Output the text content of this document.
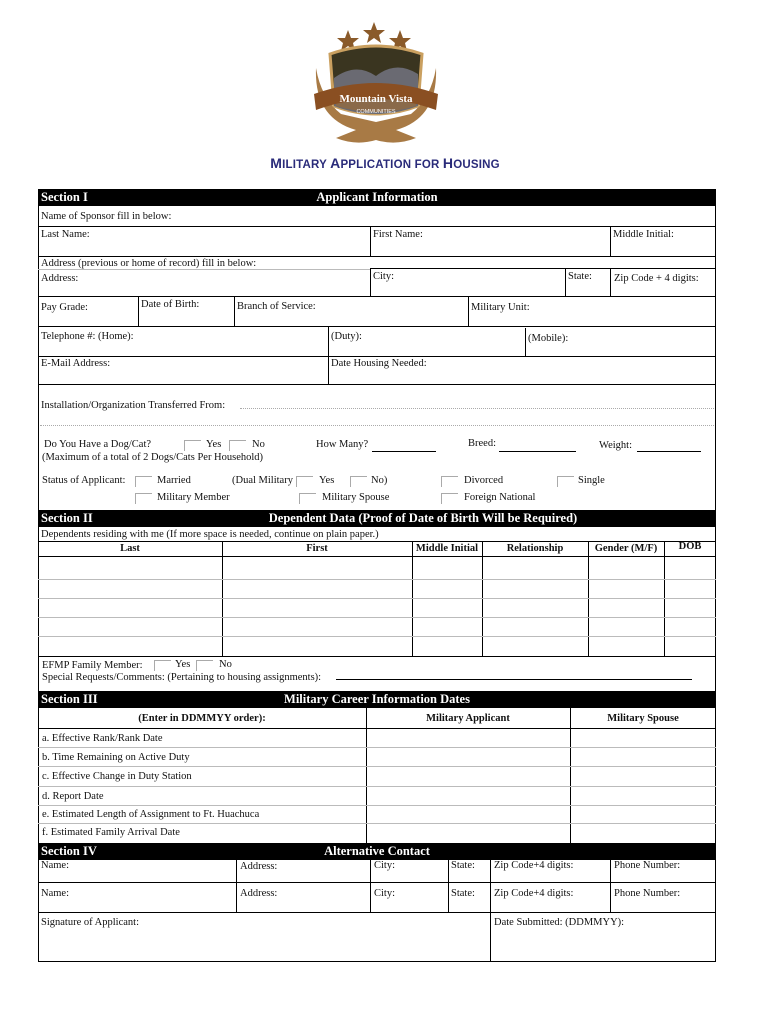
Mountain Vista
COMMUNITIES
MILITARY APPLICATION FOR HOUSING
Section I	Applicant Information
Name of Sponsor fill in below:
Last Name:	First Name:	Middle Initial:
Address (previous or home of record) fill in below:
Address:	City:	State: Zip Code + 4 digits:
Pay Grade:	Date of Birth:	Branch of Service:	Military Unit:
Telephone #: (Home):	(Duty):	(Mobile):
E-Mail Address:	Date Housing Needed:
Installation/Organization Transferred From:
Do You Have a Dog/Cat?	Yes	No	How Many?	Breed:	Weight:
(Maximum of a total of 2 Dogs/Cats Per Household)
Status of Applicant:	Married	(Dual Military Yes	No)	Divorced	Single
Military Member	Military Spouse	Foreign National
Section II	Dependent Data (Proof of Date of Birth Will be Required)
Dependents residing with me (If more space is needed, continue on plain paper.)
Last	First	Middle Initial	Relationship	Gender (M/F)	DOB
EFMP Family Member:	Yes	No
Special Requests/Comments: (Pertaining to housing assignments):
Section III	Military Career Information Dates
(Enter in DDMMYY order):	Military Applicant	Military Spouse
a. Effective Rank/Rank Date
b. Time Remaining on Active Duty
c. Effective Change in Duty Station
d. Report Date
e. Estimated Length of Assignment to Ft. Huachuca
f. Estimated Family Arrival Date
Section IV	Alternative Contact
Name:	Address:	City:	State: Zip Code+4 digits:	Phone Number:
Name:	Address:	City:	State: Zip Code+4 digits:	Phone Number:
Signature of Applicant:	Date Submitted: (DDMMYY):
